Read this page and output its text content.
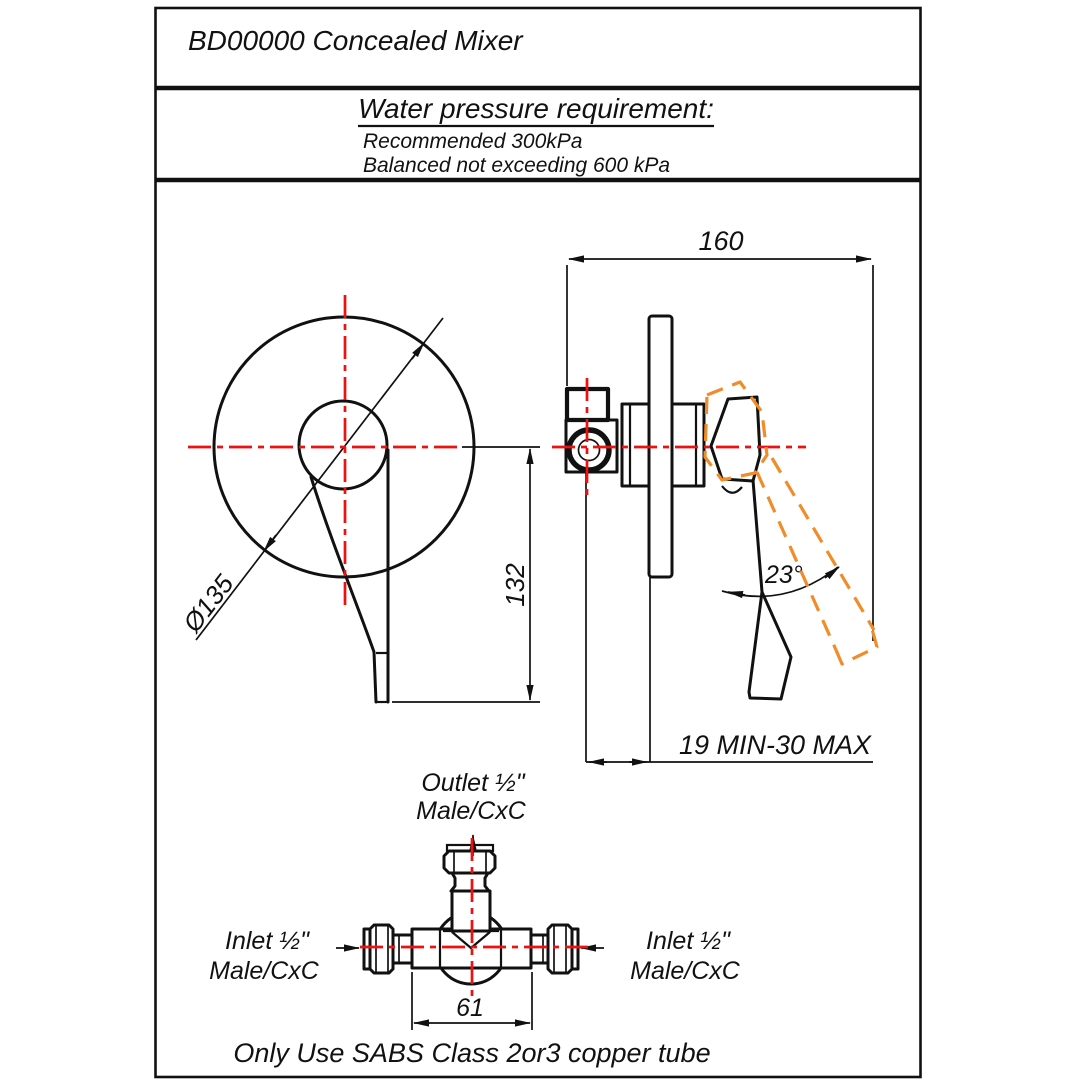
BD00000 Concealed Mixer
Water pressure requirement:
Recommended 300kPa
Balanced not exceeding 600 kPa
Ø135	132
160
23°
19 MIN-30 MAX
61
Outlet ½"
Male/CxC
Inlet ½"
Male/CxC
Inlet ½"
Male/CxC
Only Use SABS Class 2or3 copper tube
